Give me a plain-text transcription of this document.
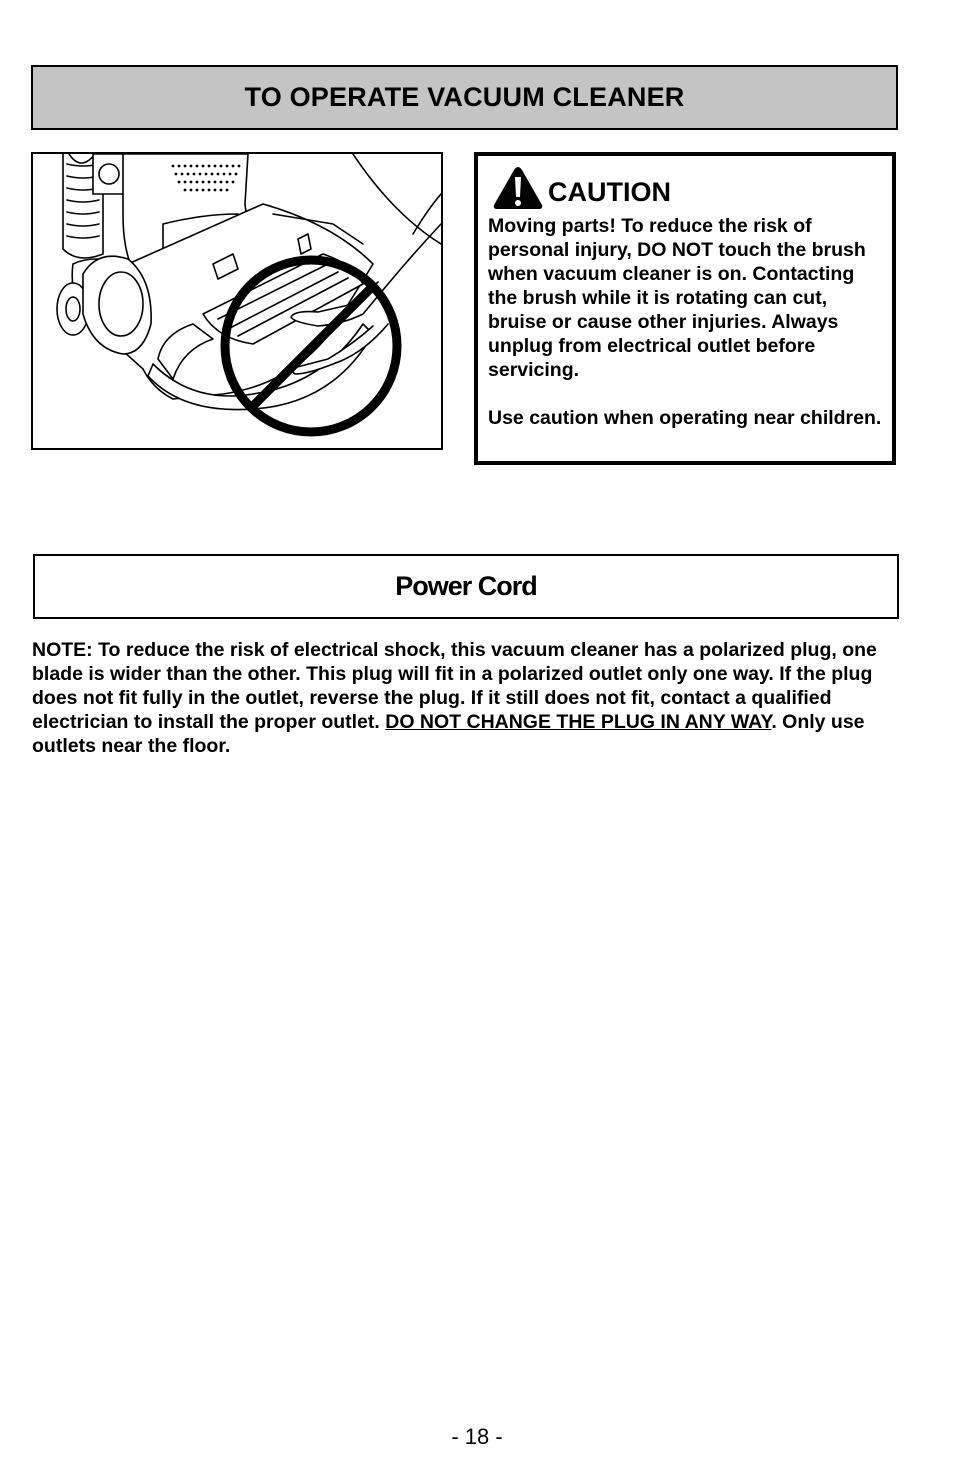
TO OPERATE VACUUM CLEANER
CAUTION

Moving parts! To reduce the risk of personal injury, DO NOT touch the brush when vacuum cleaner is on. Contacting the brush while it is rotating can cut, bruise or cause other injuries. Always unplug from electrical outlet before servicing.

Use caution when operating near children.

Power Cord
NOTE: To reduce the risk of electrical shock, this vacuum cleaner has a polarized plug, one blade is wider than the other. This plug will fit in a polarized outlet only one way. If the plug does not fit fully in the outlet, reverse the plug. If it still does not fit, contact a qualified electrician to install the proper outlet. DO NOT CHANGE THE PLUG IN ANY WAY. Only use outlets near the floor.
- 18 -
